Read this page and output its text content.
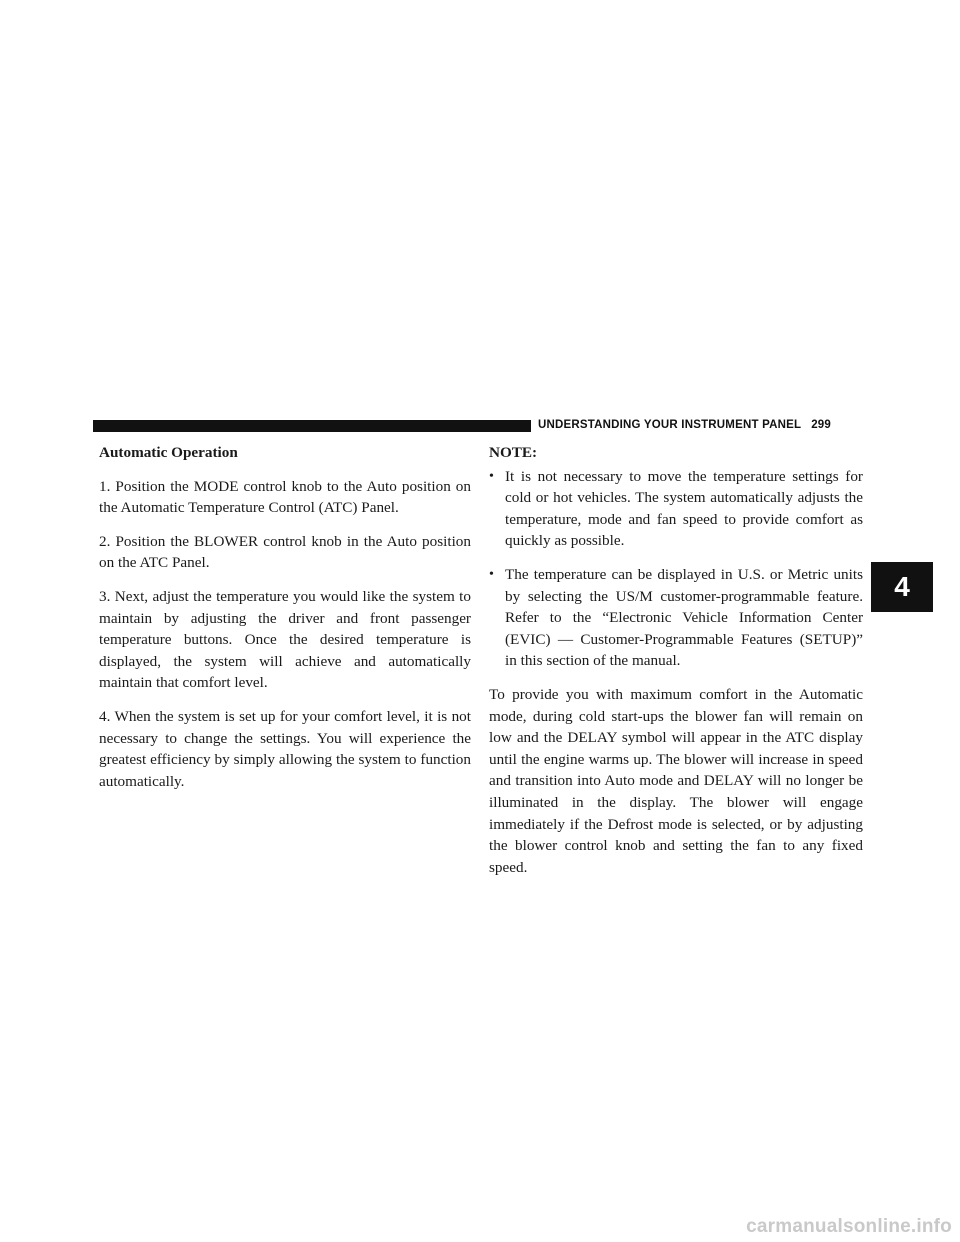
UNDERSTANDING YOUR INSTRUMENT PANEL 299
4
Automatic Operation

1. Position the MODE control knob to the Auto position on the Automatic Temperature Control (ATC) Panel.

2. Position the BLOWER control knob in the Auto position on the ATC Panel.

3. Next, adjust the temperature you would like the system to maintain by adjusting the driver and front passenger temperature buttons. Once the desired temperature is displayed, the system will achieve and automatically maintain that comfort level.

4. When the system is set up for your comfort level, it is not necessary to change the settings. You will experience the greatest efficiency by simply allowing the system to function automatically.

NOTE:
• It is not necessary to move the temperature settings for cold or hot vehicles. The system automatically adjusts the temperature, mode and fan speed to provide comfort as quickly as possible.
• The temperature can be displayed in U.S. or Metric units by selecting the US/M customer-programmable feature. Refer to the “Electronic Vehicle Information Center (EVIC) — Customer-Programmable Features (SETUP)” in this section of the manual.

To provide you with maximum comfort in the Automatic mode, during cold start-ups the blower fan will remain on low and the DELAY symbol will appear in the ATC display until the engine warms up. The blower will increase in speed and transition into Auto mode and DELAY will no longer be illuminated in the display. The blower will engage immediately if the Defrost mode is selected, or by adjusting the blower control knob and setting the fan to any fixed speed.

carmanualsonline.info
